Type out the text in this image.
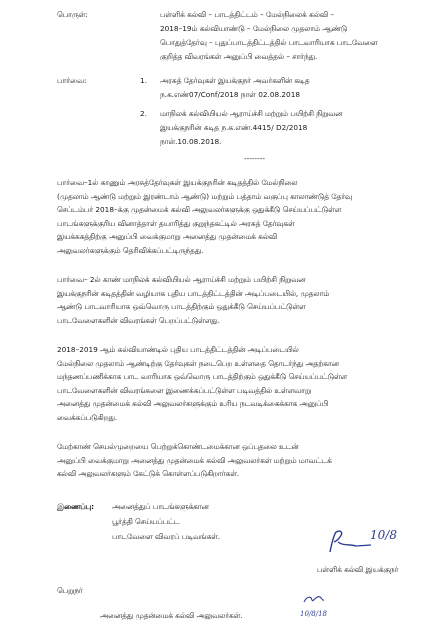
பொருள்:	பள்ளிக் கல்வி – பாடத்திட்டம் – மேல்நிலைக் கல்வி –
2018–19ம் கல்வியாண்டு – மேல்நிலை முதலாம் ஆண்டு
பொதுத்தேர்வு – புதுப்பாடத்திட்டத்தில் பாடவாரியாக பாடவேளை
குறித்த விவரங்கள் அனுப்பி வைத்தல் – சார்ந்து.
பார்வை:	1. அரசுத் தேர்வுகள் இயக்குநர் அவர்களின் கடித
ந.க.எண்07/Conf/2018 நாள் 02.08.2018
2. மாநிலக் கல்வியியல் ஆராய்ச்சி மற்றும் பயிற்சி நிறுவன
இயக்குநரின் கடித ந.க.எண்.4415/ D2/2018
நாள்.10.08.2018.
--------
பார்வை–1ல் காணும் அரசுத்தேர்வுகள் இயக்குநரின் கடிதத்தில் மேல்நிலை
(முதலாம் ஆண்டு மற்றும் இரண்டாம் ஆண்டு) மற்றும் பத்தாம் வகுப்பு காலாண்டுத் தேர்வு
செப்டம்பர் 2018–க்கு முதன்மைக் கல்வி அலுவலர்களுக்கு ஒதுக்கீடு செய்யப்பட்டுள்ள
பாடங்களுக்குரிய வினாத்தாள் தயாரித்து குறுந்தகட்டில் அரசுத் தேர்வுகள்
இயக்ககத்திற்கு அனுப்பி வைக்குமாறு அனைத்து முதன்மைக் கல்வி
அலுவலர்களுக்கும் தெரிவிக்கப்பட்டிருந்தது.
பார்வை– 2ல் காண் மாநிலக் கல்வியியல் ஆராய்ச்சி மற்றும் பயிற்சி நிறுவன
இயக்குநரின் கடிதத்தின் வழியாக புதிய பாடத்திட்டத்தின் அடிப்படையில், முதலாம்
ஆண்டு பாடவாரியாக ஒவ்வொரு பாடத்திற்கும் ஒதுக்கீடு செய்யப்பட்டுள்ள
பாடவேளைகளின் விவரங்கள் பெறப்பட்டுள்ளது.
2018–2019 ஆம் கல்வியாண்டில் புதிய பாடத்திட்டத்தின் அடிப்படையில்
மேல்நிலை முதலாம் ஆண்டிற்கு தேர்வுகள் நடைபெற உள்ளதை தொடர்ந்து அதற்கான
மந்தணப்பணிக்காக பாட வாரியாக ஒவ்வொரு பாடத்திற்கும் ஒதுக்கீடு செய்யப்பட்டுள்ள
பாடவேளைகளின் விவரங்களை இணைக்கப்பட்டுள்ள படிவத்தில் உள்ளவாறு
அனைத்து முதன்மைக் கல்வி அலுவலர்களுக்கும் உரிய நடவடிக்கைக்காக அனுப்பி
வைக்கப்படுகிறது.
மேற்காண் செயல்முறையை பெற்றுக்கொண்டமைக்கான ஒப்புதலை உடன்
அனுப்பி வைக்குமாறு அனைத்து முதன்மைக் கல்வி அலுவலர்கள் மற்றும் மாவட்டக்
கல்வி அலுவலர்களும் கேட்டுக் கொள்ளப்படுகிறார்கள்.
இணைப்பு: அனைத்துப் பாடங்களுக்கான
பூர்த்தி செய்யப்பட்ட
பாடவேளை விவரப் படிவங்கள்.	10/8
பள்ளிக் கல்வி இயக்குநர்
பெறுநர்
அனைத்து முதன்மைக் கல்வி அலுவலர்கள்.	10/8/18
